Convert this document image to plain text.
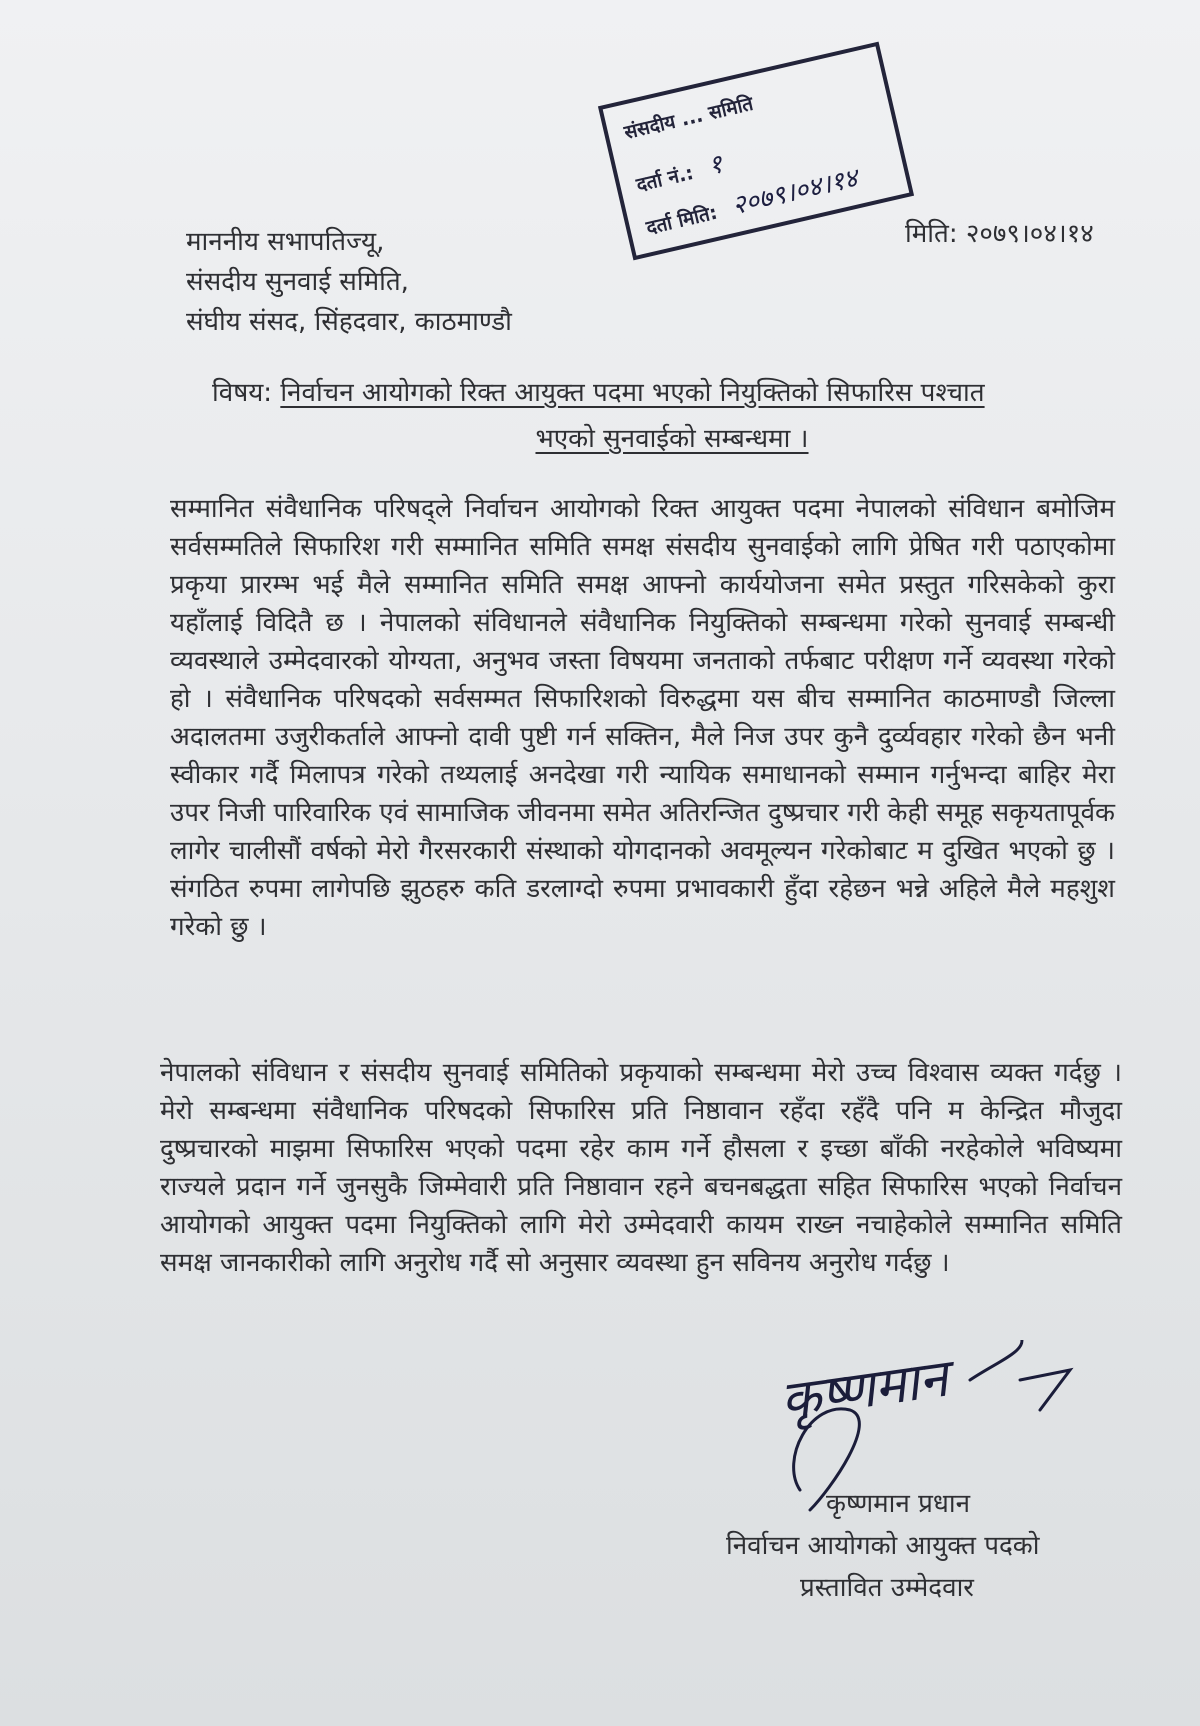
संसदीय ... समिति
दर्ता नं.: १
दर्ता मिति: २०७९।०४।१४
मिति: २०७९।०४।१४
माननीय सभापतिज्यू,
संसदीय सुनवाई समिति,
संघीय संसद, सिंहदवार, काठमाण्डौ
विषय: निर्वाचन आयोगको रिक्त आयुक्त पदमा भएको नियुक्तिको सिफारिस पश्चात
भएको सुनवाईको सम्बन्धमा ।
सम्मानित संवैधानिक परिषद्ले निर्वाचन आयोगको रिक्त आयुक्त पदमा नेपालको संविधान बमोजिम सर्वसम्मतिले सिफारिश गरी सम्मानित समिति समक्ष संसदीय सुनवाईको लागि प्रेषित गरी पठाएकोमा प्रकृया प्रारम्भ भई मैले सम्मानित समिति समक्ष आफ्नो कार्ययोजना समेत प्रस्तुत गरिसकेको कुरा यहाँलाई विदितै छ । नेपालको संविधानले संवैधानिक नियुक्तिको सम्बन्धमा गरेको सुनवाई सम्बन्धी व्यवस्थाले उम्मेदवारको योग्यता, अनुभव जस्ता विषयमा जनताको तर्फबाट परीक्षण गर्ने व्यवस्था गरेको हो । संवैधानिक परिषदको सर्वसम्मत सिफारिशको विरुद्धमा यस बीच सम्मानित काठमाण्डौ जिल्ला अदालतमा उजुरीकर्ताले आफ्नो दावी पुष्टी गर्न सक्तिन, मैले निज उपर कुनै दुर्व्यवहार गरेको छैन भनी स्वीकार गर्दै मिलापत्र गरेको तथ्यलाई अनदेखा गरी न्यायिक समाधानको सम्मान गर्नुभन्दा बाहिर मेरा उपर निजी पारिवारिक एवं सामाजिक जीवनमा समेत अतिरन्जित दुष्प्रचार गरी केही समूह सकृयतापूर्वक लागेर चालीसौं वर्षको मेरो गैरसरकारी संस्थाको योगदानको अवमूल्यन गरेकोबाट म दुखित भएको छु । संगठित रुपमा लागेपछि झुठहरु कति डरलाग्दो रुपमा प्रभावकारी हुँदा रहेछन भन्ने अहिले मैले महशुश गरेको छु ।
नेपालको संविधान र संसदीय सुनवाई समितिको प्रकृयाको सम्बन्धमा मेरो उच्च विश्वास व्यक्त गर्दछु । मेरो सम्बन्धमा संवैधानिक परिषदको सिफारिस प्रति निष्ठावान रहँदा रहँदै पनि म केन्द्रित मौजुदा दुष्प्रचारको माझमा सिफारिस भएको पदमा रहेर काम गर्ने हौसला र इच्छा बाँकी नरहेकोले भविष्यमा राज्यले प्रदान गर्ने जुनसुकै जिम्मेवारी प्रति निष्ठावान रहने बचनबद्धता सहित सिफारिस भएको निर्वाचन आयोगको आयुक्त पदमा नियुक्तिको लागि मेरो उम्मेदवारी कायम राख्न नचाहेकोले सम्मानित समिति समक्ष जानकारीको लागि अनुरोध गर्दै सो अनुसार व्यवस्था हुन सविनय अनुरोध गर्दछु ।
कृष्णमान
कृष्णमान प्रधान
निर्वाचन आयोगको आयुक्त पदको
प्रस्तावित उम्मेदवार
